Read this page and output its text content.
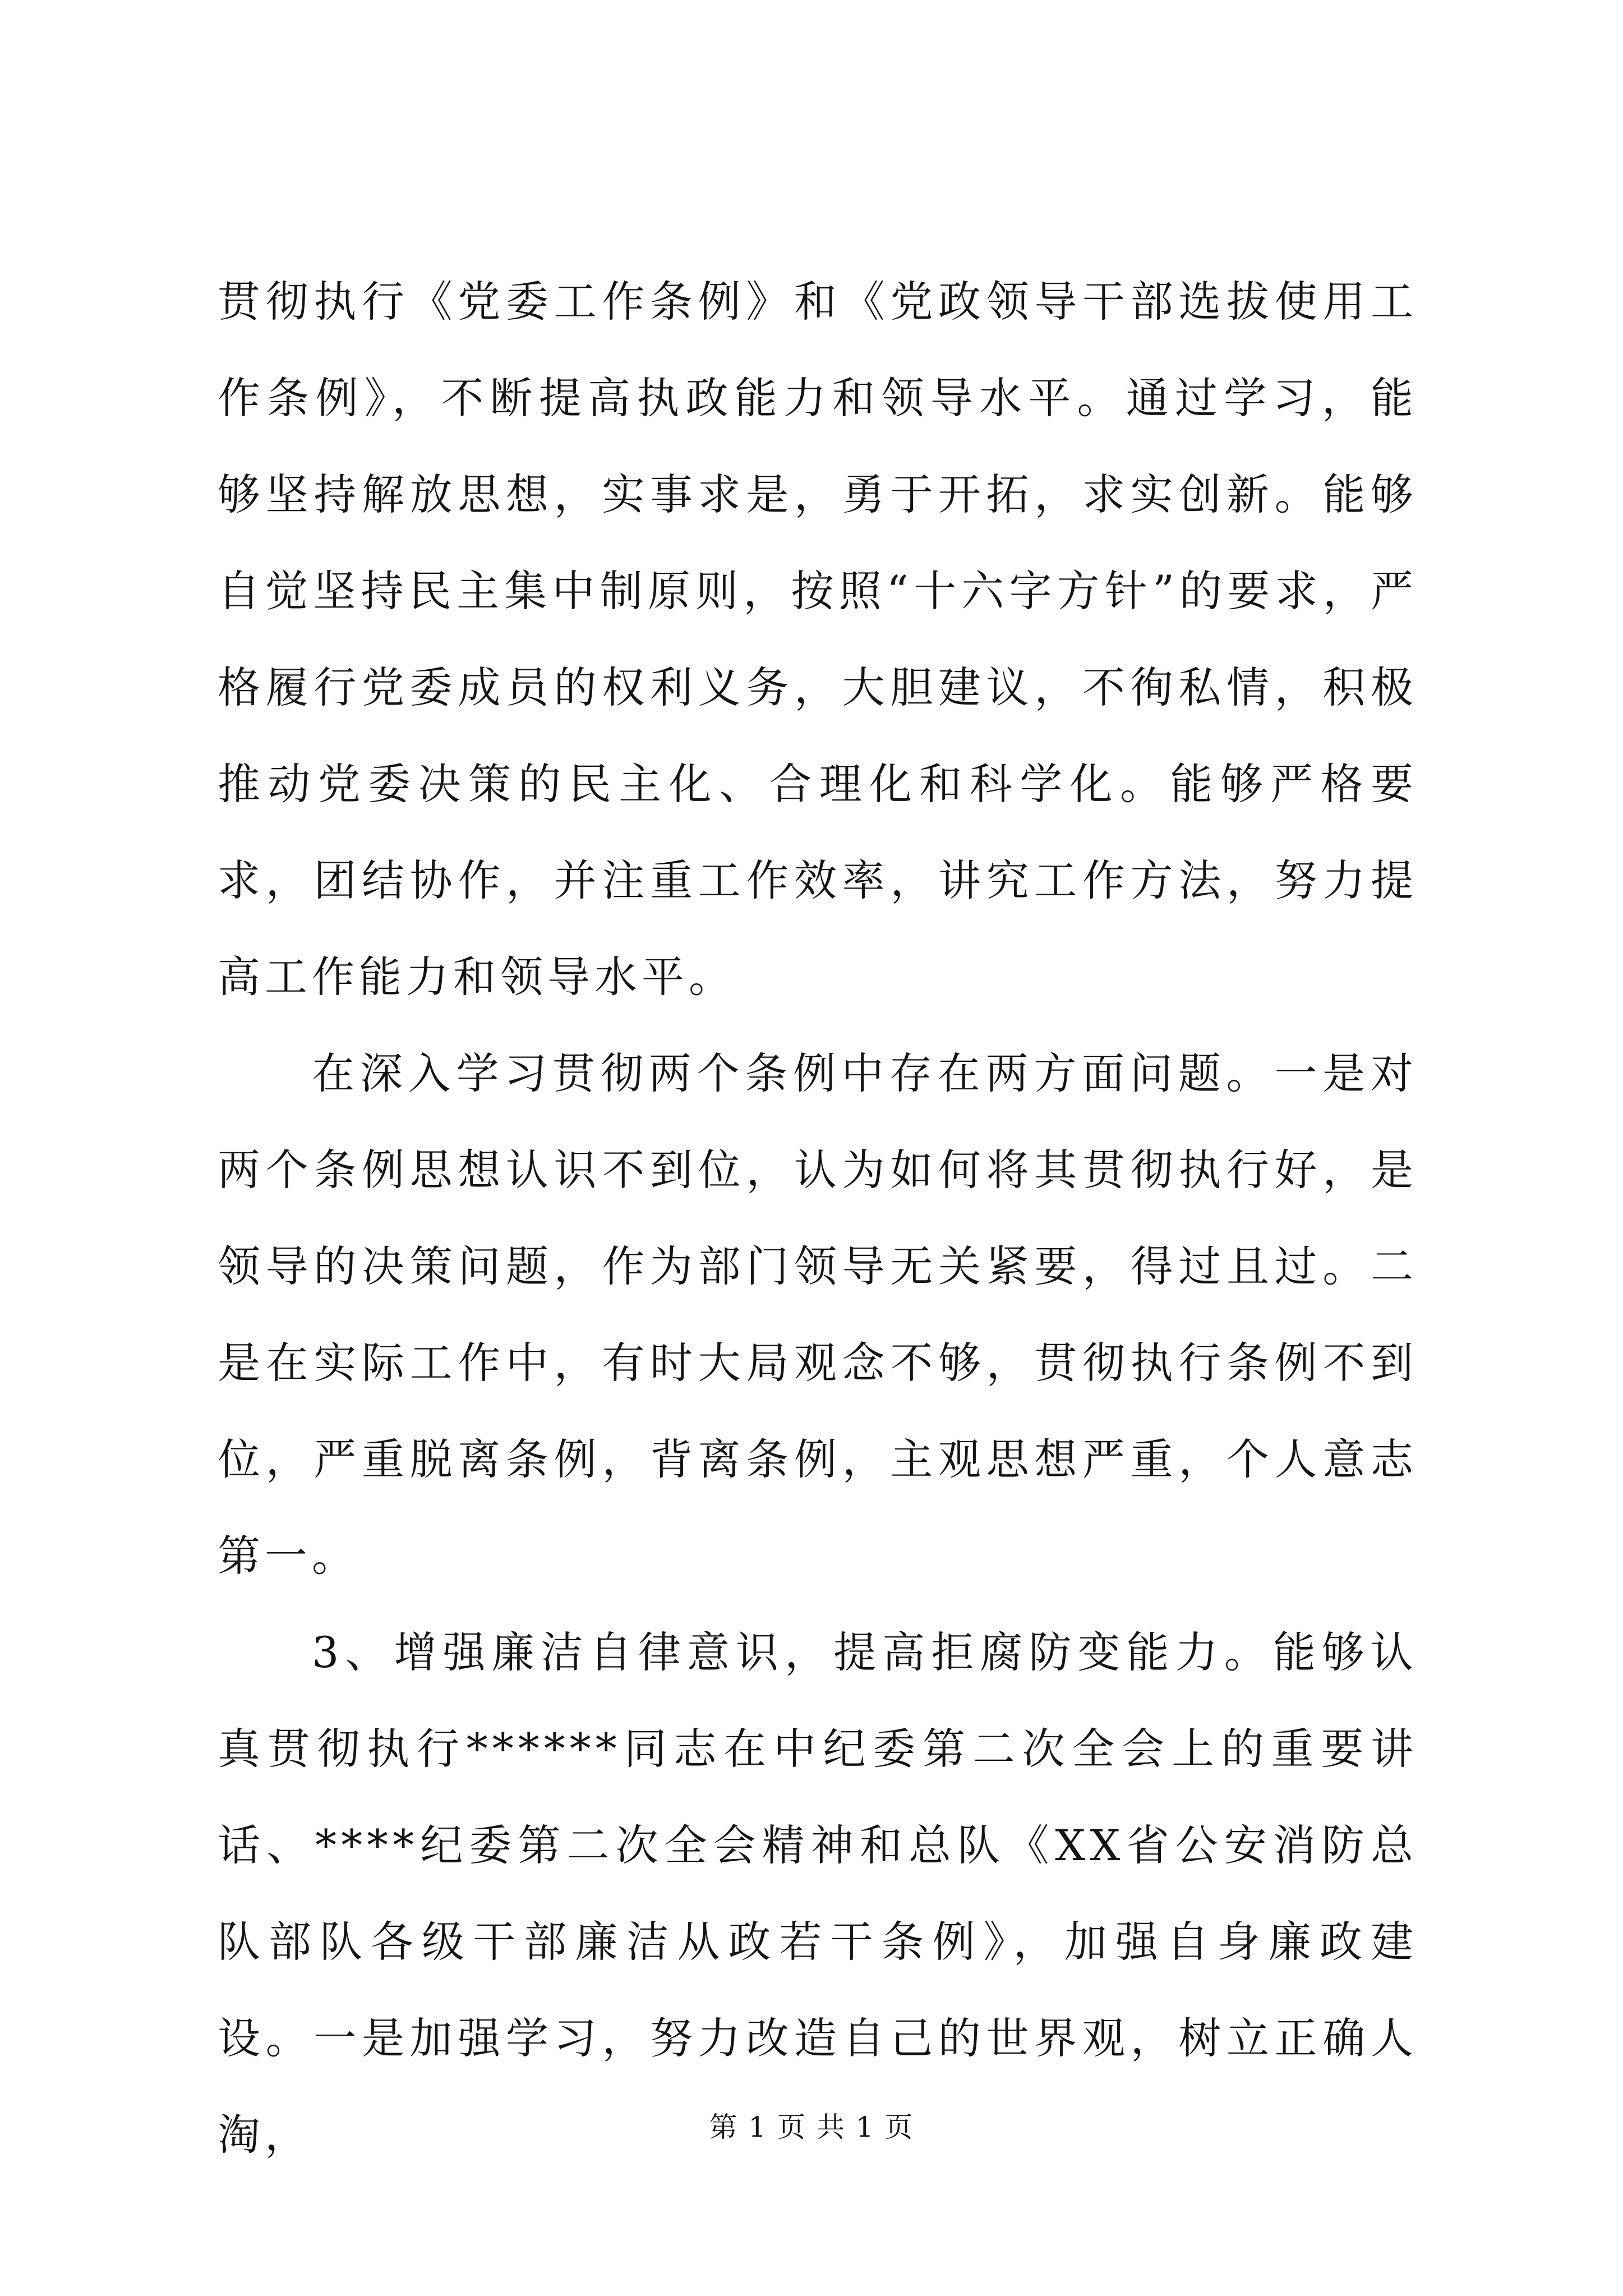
贯彻执行《党委工作条例》和《党政领导干部选拔使用工作条例》，不断提高执政能力和领导水平。通过学习，能够坚持解放思想，实事求是，勇于开拓，求实创新。能够自觉坚持民主集中制原则，按照“十六字方针”的要求，严格履行党委成员的权利义务，大胆建议，不徇私情，积极推动党委决策的民主化、合理化和科学化。能够严格要求，团结协作，并注重工作效率，讲究工作方法，努力提高工作能力和领导水平。

在深入学习贯彻两个条例中存在两方面问题。一是对两个条例思想认识不到位，认为如何将其贯彻执行好，是领导的决策问题，作为部门领导无关紧要，得过且过。二是在实际工作中，有时大局观念不够，贯彻执行条例不到位，严重脱离条例，背离条例，主观思想严重，个人意志第一。

3、增强廉洁自律意识，提高拒腐防变能力。能够认真贯彻执行******同志在中纪委第二次全会上的重要讲话、****纪委第二次全会精神和总队《XX省公安消防总队部队各级干部廉洁从政若干条例》，加强自身廉政建设。一是加强学习，努力改造自己的世界观，树立正确人淘，	第 1 页 共 1 页
